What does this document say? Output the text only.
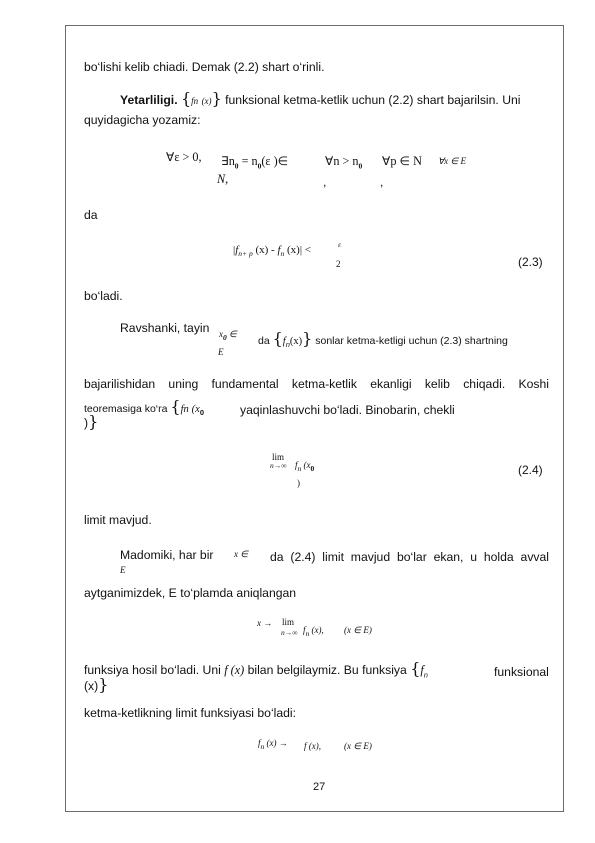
bo‘lishi kelib chiadi. Demak (2.2) shart o‘rinli.
Yetarliligi. {fn (x)} funksional ketma-ketlik uchun (2.2) shart bajarilsin. Uni
quyidagicha yozamiz:
∀ε > 0, $\exists n_0 = n_0(\varepsilon$ )∈
N,
∀n > $n_0$
,
∀p ∈ N
,
∀x ∈ E
da
$|f_{n+ p}$ $(x) - f_n$ (x)| <	ε
2	(2.3)
bo‘ladi.
Ravshanki, tayin $x_0$ ∈
E
da $\{f_n(x)\}$ sonlar ketma-ketligi uchun (2.3) shartning
bajarilishidan uning fundamental ketma-ketlik ekanligi kelib chiqadi. Koshi
teoremasiga ko‘ra {fn ($x_0$
)}
yaqinlashuvchi bo‘ladi. Binobarin, chekli
lim
n→∞ $f_n$ ($x_0$
)
(2.4)
limit mavjud.
Madomiki, har bir x ∈
E
da (2.4) limit mavjud bo‘lar ekan, u holda avval
aytganimizdek, E to‘plamda aniqlangan
x → lim
n→∞ $f_n$ (x), (x ∈ E)
funksiya hosil bo‘ladi. Uni f (x) bilan belgilaymiz. Bu funksiya {$f_n$
(x)}
funksional
ketma-ketlikning limit funksiyasi bo‘ladi:
$f_n$ (x) → f (x),	(x ∈ E)
27
